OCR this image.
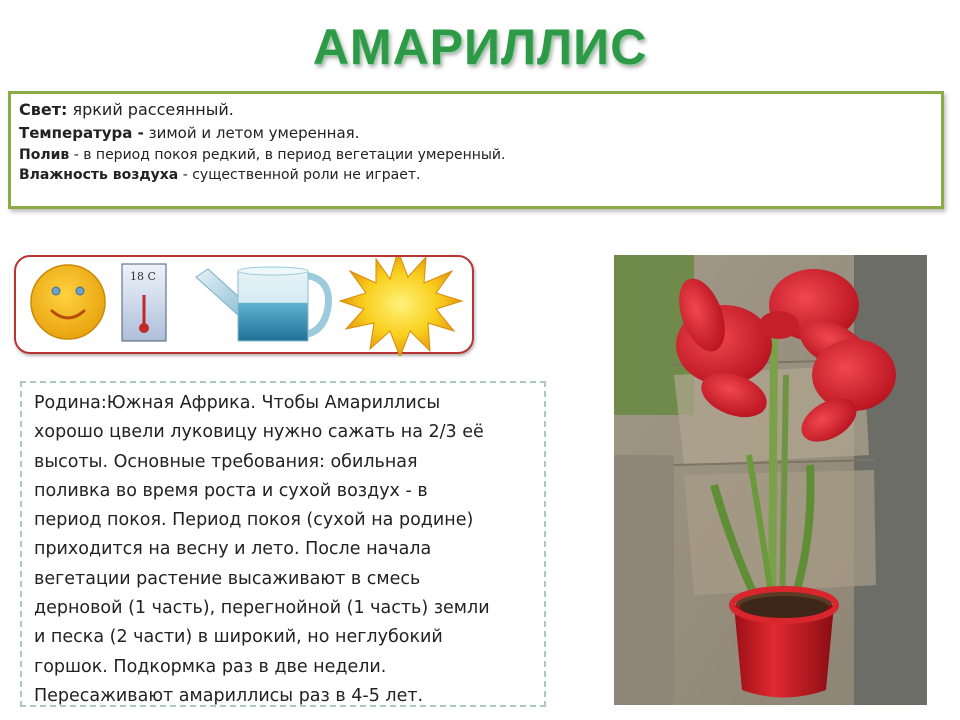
АМАРИЛЛИС
Свет: яркий рассеянный.
Температура - зимой и летом умеренная.
Полив - в период покоя редкий, в период вегетации умеренный.
Влажность воздуха - существенной роли не играет.
18 C
Родина:Южная Африка. Чтобы Амариллисы
хорошо цвели луковицу нужно сажать на 2/3 её
высоты. Основные требования: обильная
поливка во время роста и сухой воздух - в
период покоя. Период покоя (сухой на родине)
приходится на весну и лето. После начала
вегетации растение высаживают в смесь
дерновой (1 часть), перегнойной (1 часть) земли
и песка (2 части) в широкий, но неглубокий
горшок. Подкормка раз в две недели.
Пересаживают амариллисы раз в 4-5 лет.
